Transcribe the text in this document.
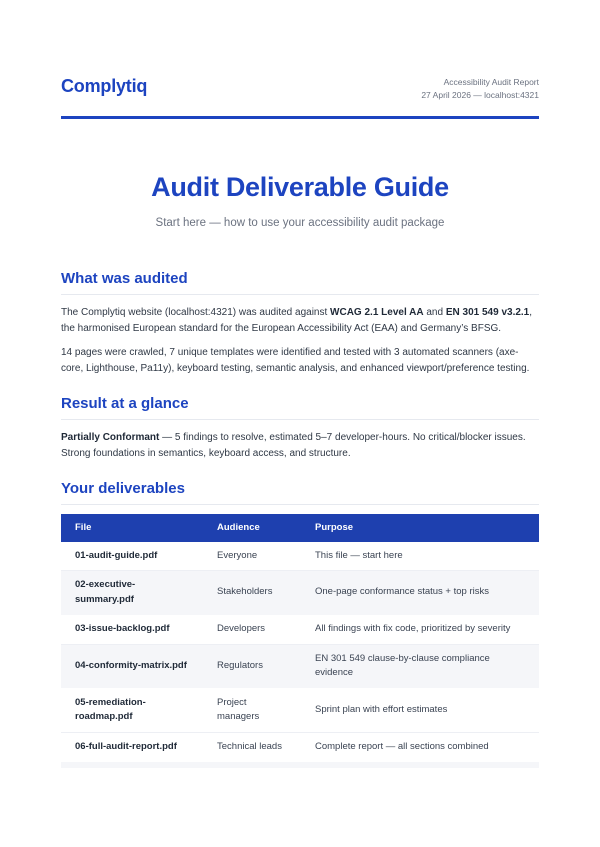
Complytiq	Accessibility Audit Report
27 April 2026 — localhost:4321
Audit Deliverable Guide
Start here — how to use your accessibility audit package
What was audited

The Complytiq website (localhost:4321) was audited against WCAG 2.1 Level AA and EN 301 549 v3.2.1, the harmonised European standard for the European Accessibility Act (EAA) and Germany’s BFSG.

14 pages were crawled, 7 unique templates were identified and tested with 3 automated scanners (axe-core, Lighthouse, Pa11y), keyboard testing, semantic analysis, and enhanced viewport/preference testing.

Result at a glance

Partially Conformant — 5 findings to resolve, estimated 5–7 developer-hours. No critical/blocker issues. Strong foundations in semantics, keyboard access, and structure.

Your deliverables
File	Audience	Purpose
01-audit-guide.pdf	Everyone	This file — start here
02-executive-summary.pdf	Stakeholders	One-page conformance status + top risks
03-issue-backlog.pdf	Developers	All findings with fix code, prioritized by severity
04-conformity-matrix.pdf	Regulators	EN 301 549 clause-by-clause compliance evidence
05-remediation-roadmap.pdf	Project managers	Sprint plan with effort estimates
06-full-audit-report.pdf	Technical leads	Complete report — all sections combined
